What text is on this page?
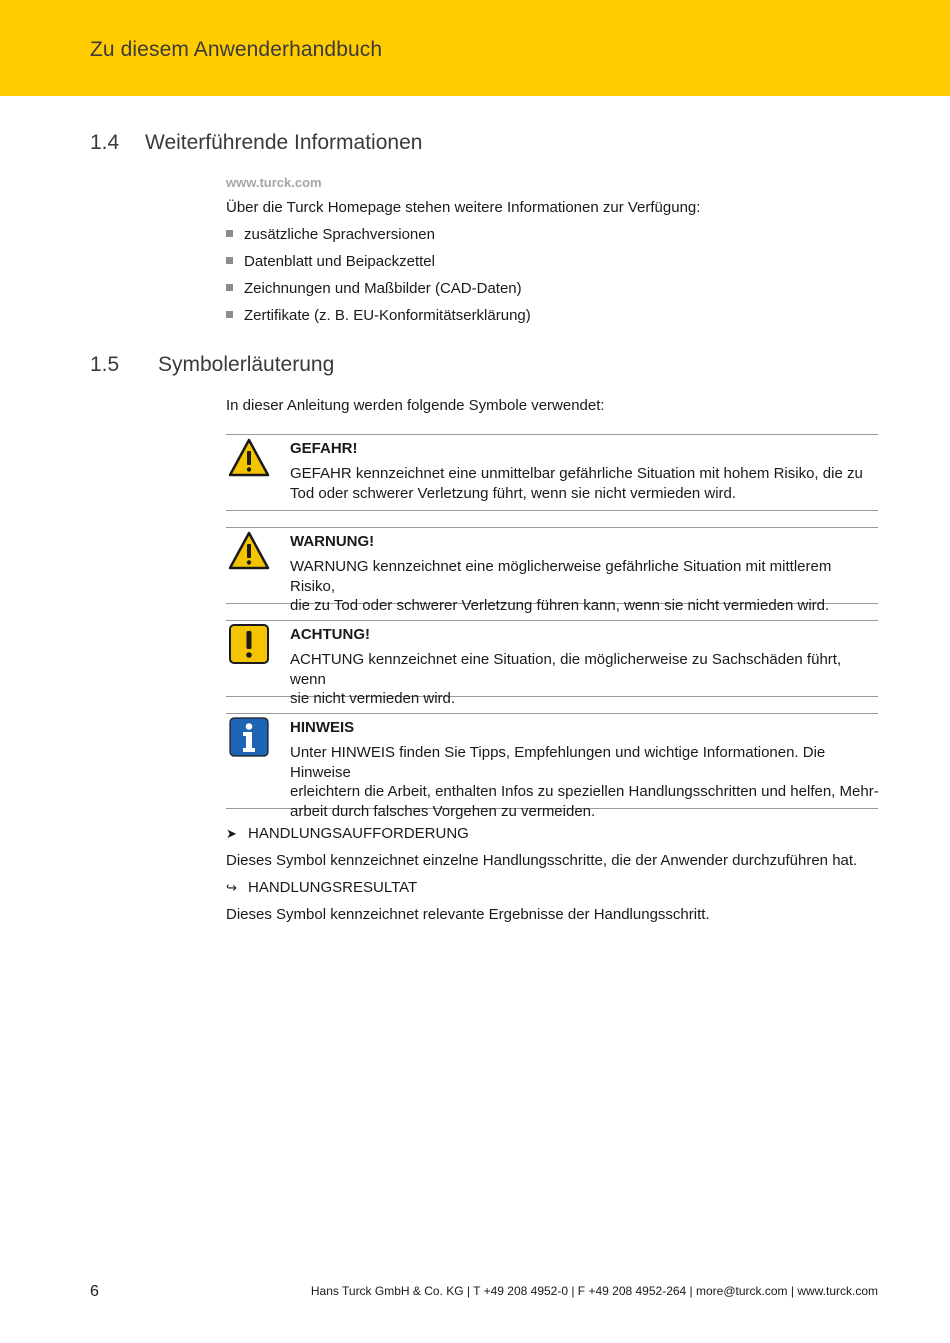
Zu diesem Anwenderhandbuch
1.4 Weiterführende Informationen
www.turck.com
Über die Turck Homepage stehen weitere Informationen zur Verfügung:
zusätzliche Sprachversionen
Datenblatt und Beipackzettel
Zeichnungen und Maßbilder (CAD-Daten)
Zertifikate (z. B. EU-Konformitätserklärung)
1.5 Symbolerläuterung
In dieser Anleitung werden folgende Symbole verwendet:
GEFAHR!
GEFAHR kennzeichnet eine unmittelbar gefährliche Situation mit hohem Risiko, die zu
Tod oder schwerer Verletzung führt, wenn sie nicht vermieden wird.
WARNUNG!
WARNUNG kennzeichnet eine möglicherweise gefährliche Situation mit mittlerem Risiko,
die zu Tod oder schwerer Verletzung führen kann, wenn sie nicht vermieden wird.
ACHTUNG!
ACHTUNG kennzeichnet eine Situation, die möglicherweise zu Sachschäden führt, wenn
sie nicht vermieden wird.
HINWEIS
Unter HINWEIS finden Sie Tipps, Empfehlungen und wichtige Informationen. Die Hinweise
erleichtern die Arbeit, enthalten Infos zu speziellen Handlungsschritten und helfen, Mehr-
arbeit durch falsches Vorgehen zu vermeiden.
➤ HANDLUNGSAUFFORDERUNG
Dieses Symbol kennzeichnet einzelne Handlungsschritte, die der Anwender durchzuführen hat.
↪ HANDLUNGSRESULTAT
Dieses Symbol kennzeichnet relevante Ergebnisse der Handlungsschritt.
6	Hans Turck GmbH & Co. KG | T +49 208 4952-0 | F +49 208 4952-264 | more@turck.com | www.turck.com
